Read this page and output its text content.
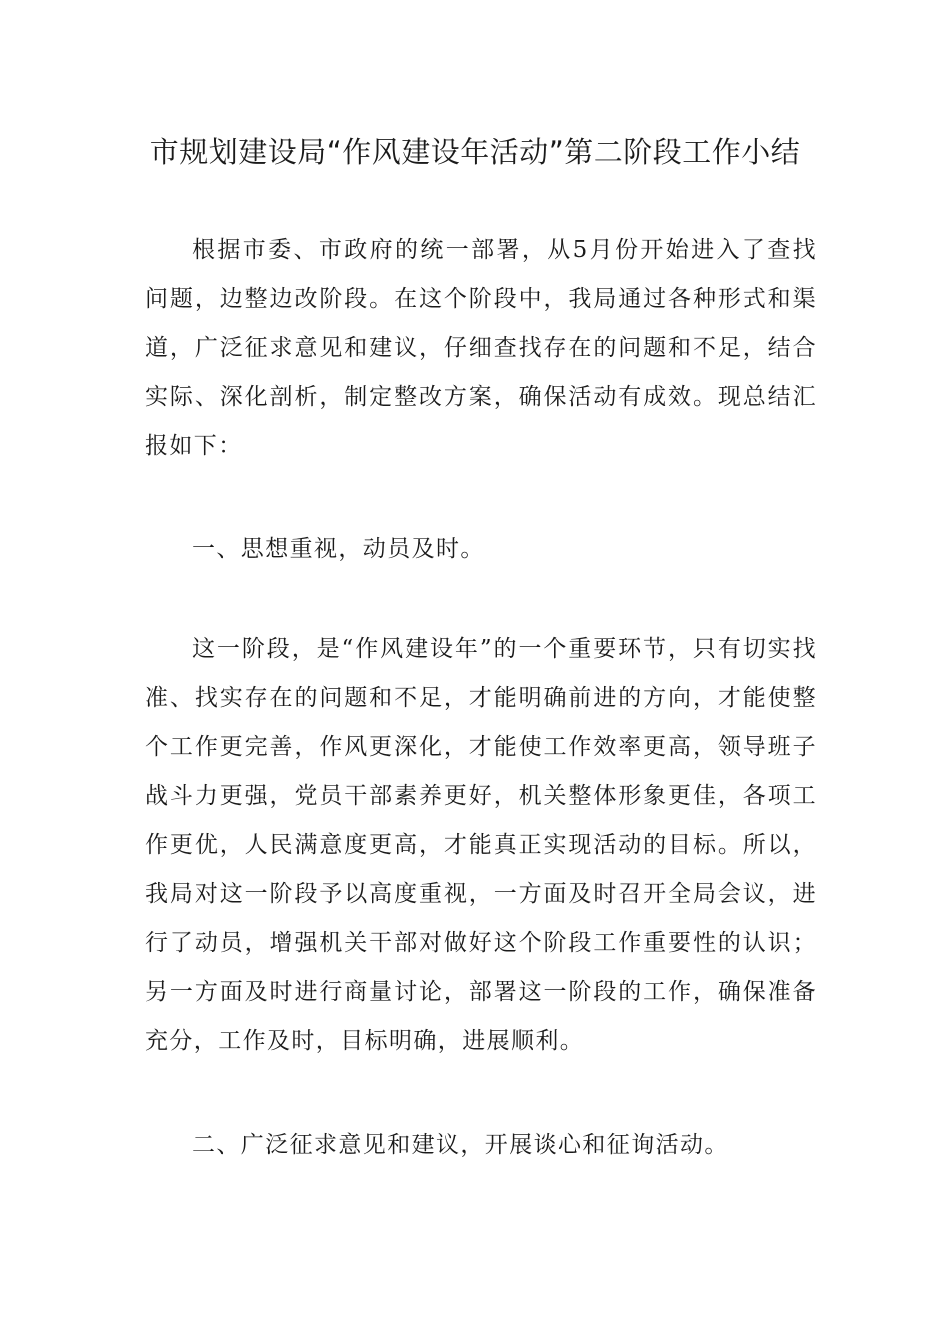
市规划建设局“作风建设年活动”第二阶段工作小结

根据市委、市政府的统一部署，从5月份开始进入了查找问题，边整边改阶段。在这个阶段中，我局通过各种形式和渠道，广泛征求意见和建议，仔细查找存在的问题和不足，结合实际、深化剖析，制定整改方案，确保活动有成效。现总结汇报如下：

一、思想重视，动员及时。

这一阶段，是“作风建设年”的一个重要环节，只有切实找准、找实存在的问题和不足，才能明确前进的方向，才能使整个工作更完善，作风更深化，才能使工作效率更高，领导班子战斗力更强，党员干部素养更好，机关整体形象更佳，各项工作更优，人民满意度更高，才能真正实现活动的目标。所以，我局对这一阶段予以高度重视，一方面及时召开全局会议，进行了动员，增强机关干部对做好这个阶段工作重要性的认识；另一方面及时进行商量讨论，部署这一阶段的工作，确保准备充分，工作及时，目标明确，进展顺利。

二、广泛征求意见和建议，开展谈心和征询活动。
